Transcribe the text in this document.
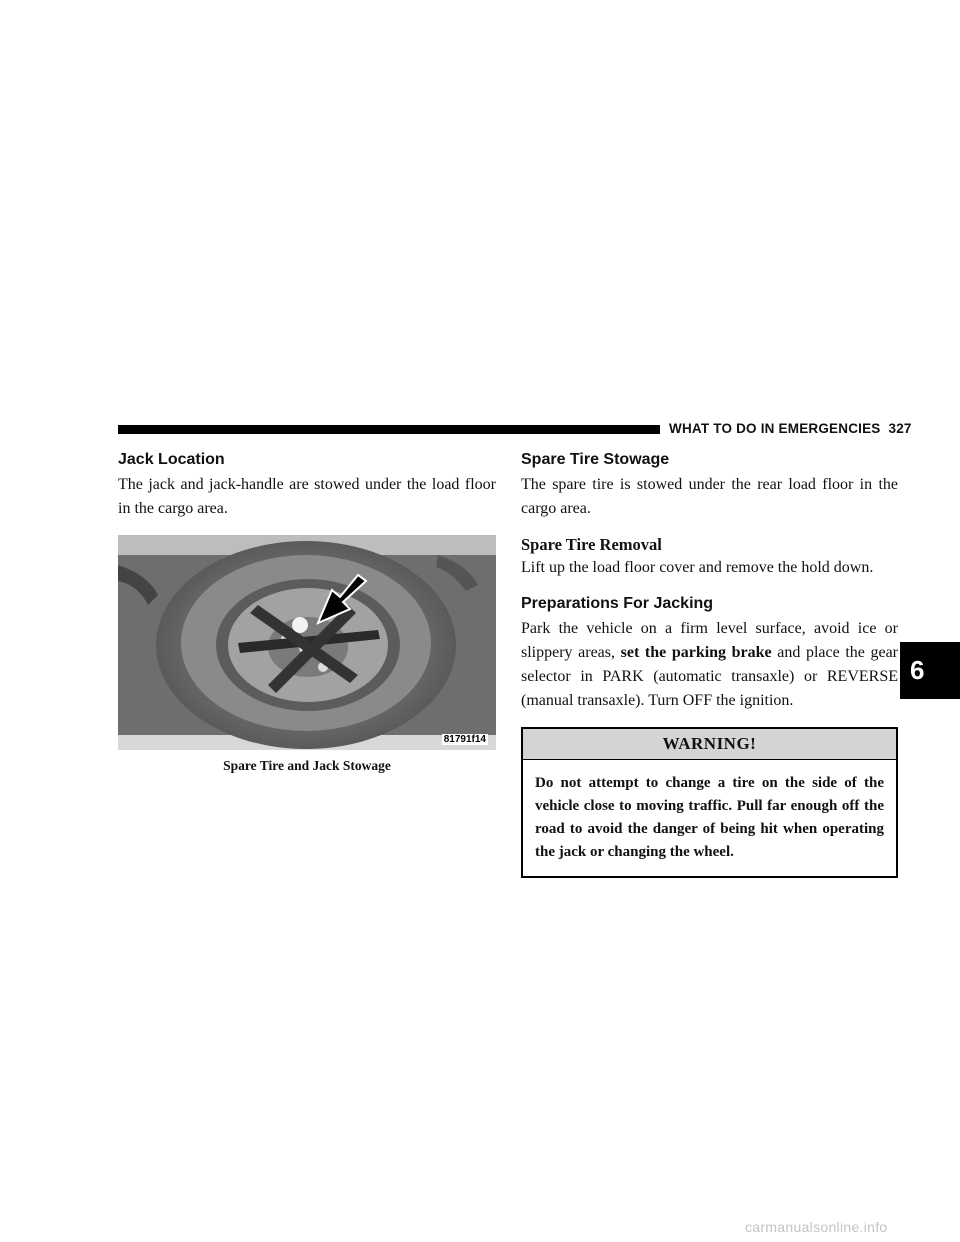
WHAT TO DO IN EMERGENCIES 327
Jack Location

The jack and jack-handle are stowed under the load floor in the cargo area.

81791f14
Spare Tire and Jack Stowage
Spare Tire Stowage

The spare tire is stowed under the rear load floor in the cargo area.

Spare Tire Removal

Lift up the load floor cover and remove the hold down.

Preparations For Jacking

Park the vehicle on a firm level surface, avoid ice or slippery areas, set the parking brake and place the gear selector in PARK (automatic transaxle) or REVERSE (manual transaxle). Turn OFF the ignition.

WARNING!
Do not attempt to change a tire on the side of the vehicle close to moving traffic. Pull far enough off the road to avoid the danger of being hit when operating the jack or changing the wheel.
6
carmanualsonline.info
